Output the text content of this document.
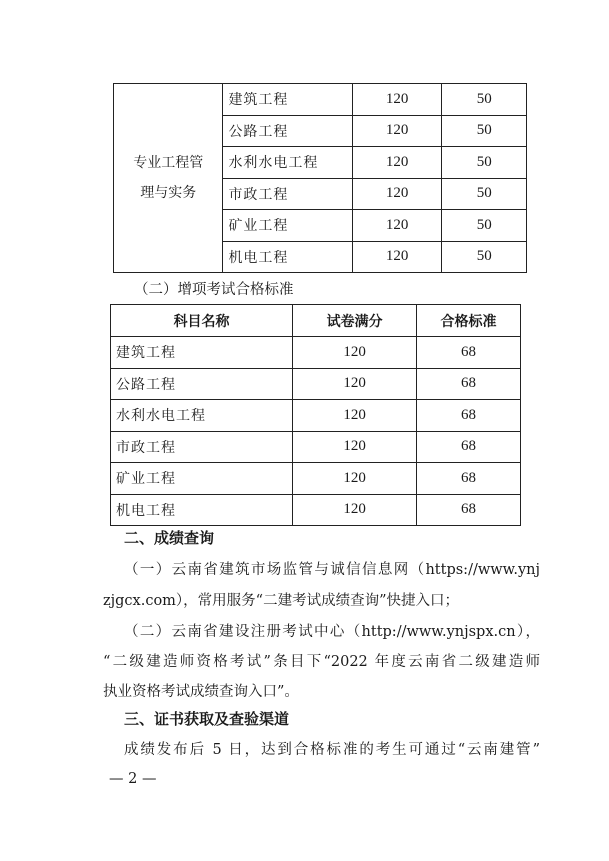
专业工程管
理与实务	建筑工程	120	50
	公路工程	120	50
	水利水电工程	120	50
	市政工程	120	50
	矿业工程	120	50
	机电工程	120	50
（二）增项考试合格标准
科目名称	试卷满分	合格标准
建筑工程	120	68
公路工程	120	68
水利水电工程	120	68
市政工程	120	68
矿业工程	120	68
机电工程	120	68
二、成绩查询
（一）云南省建筑市场监管与诚信信息网（https://www.ynj
zjgcx.com），常用服务“二建考试成绩查询”快捷入口；
（二）云南省建设注册考试中心（http://www.ynjspx.cn），
“二级建造师资格考试”条目下“2022 年度云南省二级建造师
执业资格考试成绩查询入口”。
三、证书获取及查验渠道
成绩发布后 5 日，达到合格标准的考生可通过“云南建管”
— 2 —
